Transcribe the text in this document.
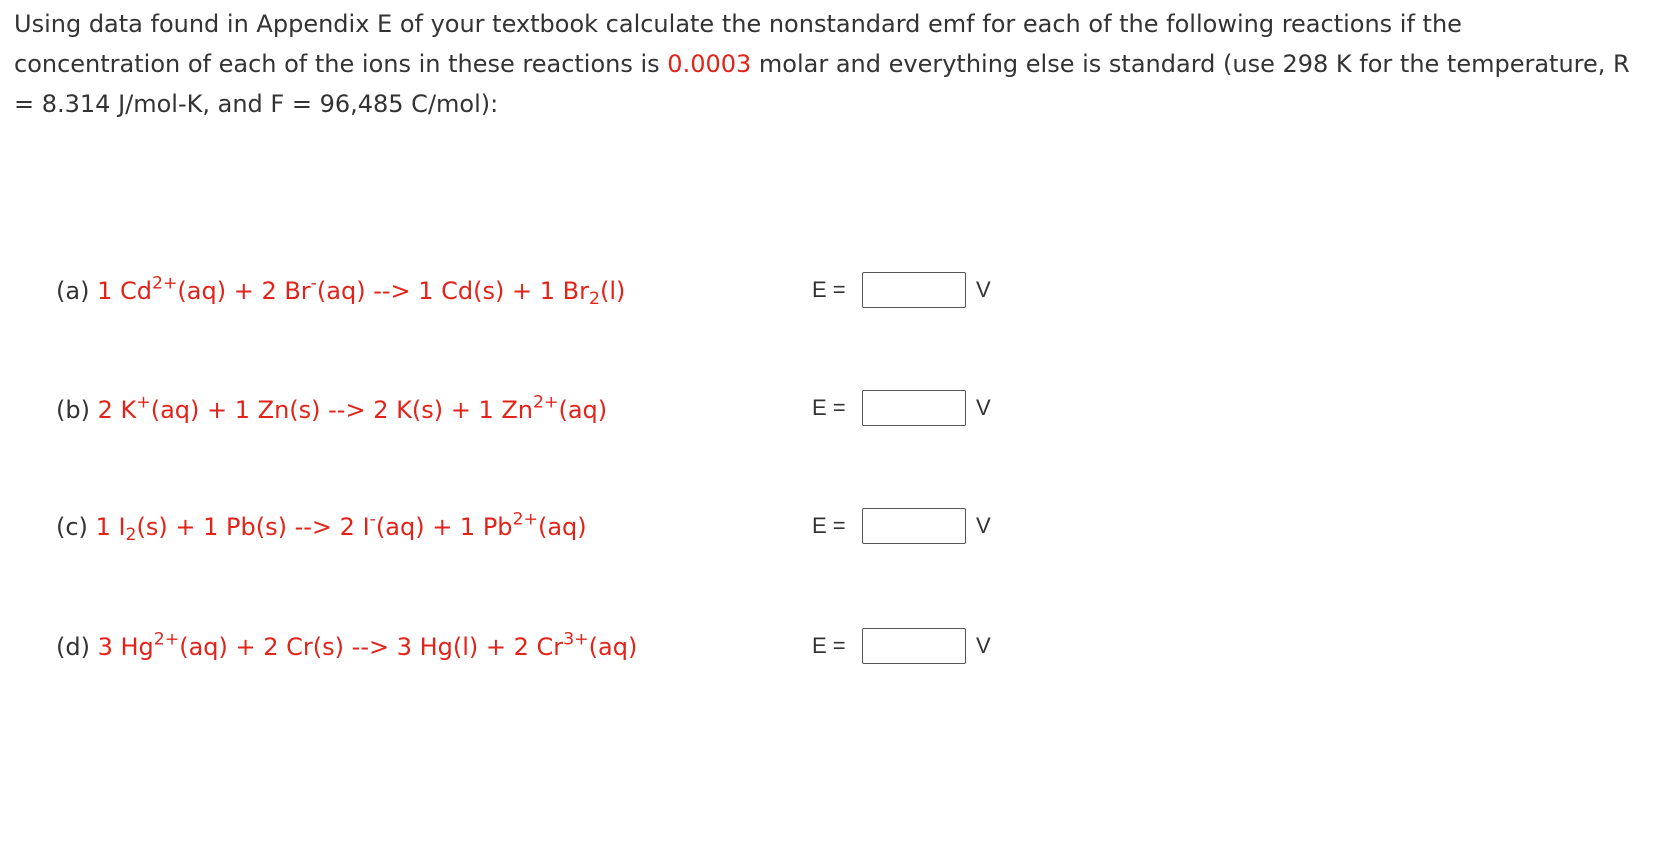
Using data found in Appendix E of your textbook calculate the nonstandard emf for each of the following reactions if the concentration of each of the ions in these reactions is 0.0003 molar and everything else is standard (use 298 K for the temperature, R = 8.314 J/mol-K, and F = 96,485 C/mol):
(a) 1 $Cd^{2+}(aq) + 2$ Br-(aq) --> 1 Cd(s) + 1 $Br_2(l)$	E =	V
(b) 2 K+(aq) + 1 Zn(s) --> 2 K(s) + 1 $Zn^{2+}(aq)$	E =	V
(c) 1 $I_2(s) + 1$ Pb(s) --> 2 I-(aq) + 1 $Pb^{2+}(aq)$	E =	V
(d) 3 $Hg^{2+}(aq) + 2$ Cr(s) --> 3 Hg(l) + 2 $Cr^{3+}(aq)$	E =	V
